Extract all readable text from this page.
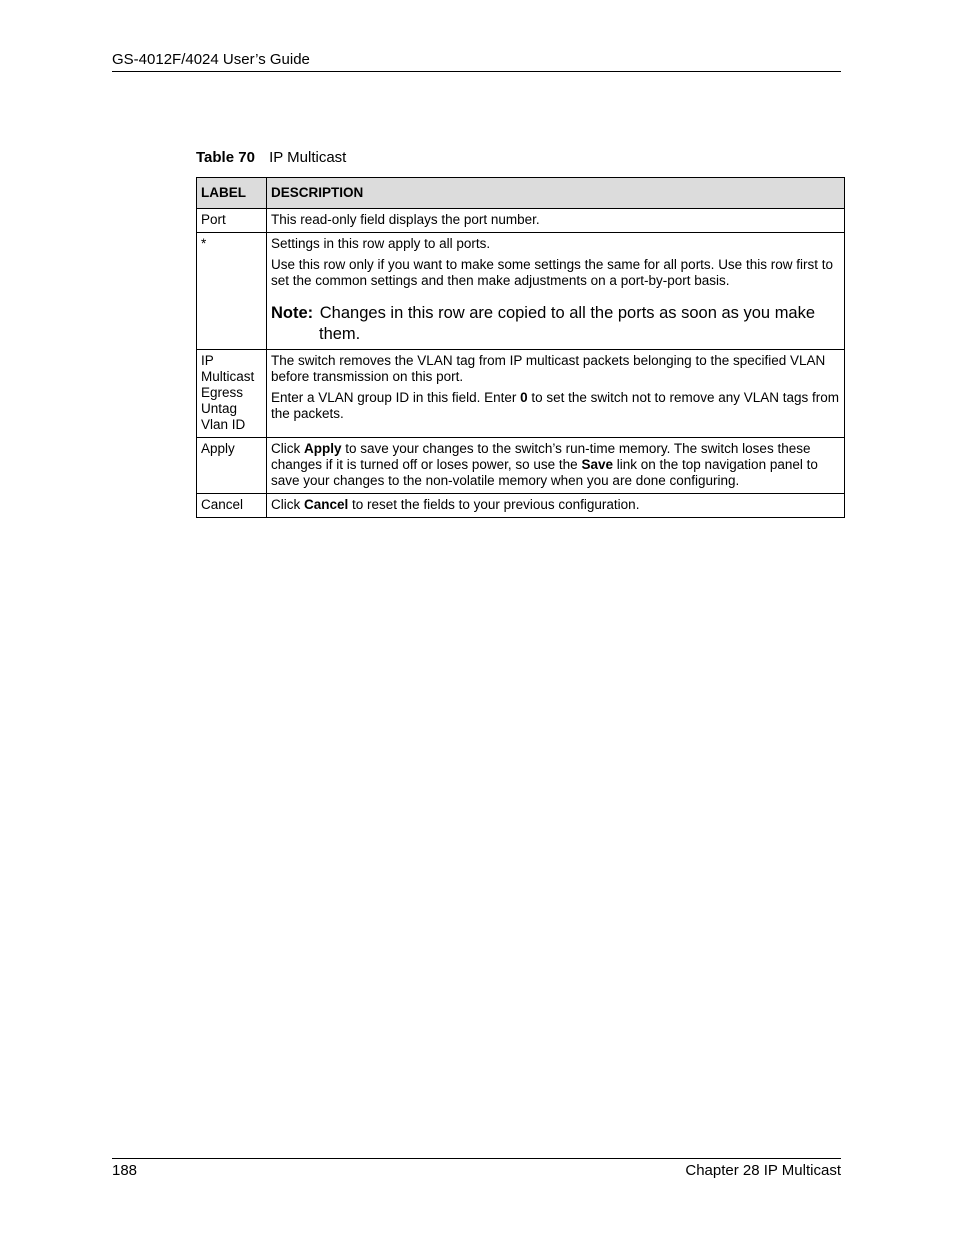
GS-4012F/4024 User’s Guide
Table 70 IP Multicast
LABEL	DESCRIPTION
Port	This read-only field displays the port number.

*	Settings in this row apply to all ports.

Use this row only if you want to make some settings the same for all ports. Use this row first to set the common settings and then make adjustments on a port-by-port basis.

Note: Changes in this row are copied to all the ports as soon as you make them.

IP Multicast Egress Untag Vlan ID	The switch removes the VLAN tag from IP multicast packets belonging to the specified VLAN before transmission on this port.

Enter a VLAN group ID in this field. Enter 0 to set the switch not to remove any VLAN tags from the packets.

Apply	Click Apply to save your changes to the switch’s run-time memory. The switch loses these changes if it is turned off or loses power, so use the Save link on the top navigation panel to save your changes to the non-volatile memory when you are done configuring.

Cancel	Click Cancel to reset the fields to your previous configuration.

188	Chapter 28 IP Multicast
